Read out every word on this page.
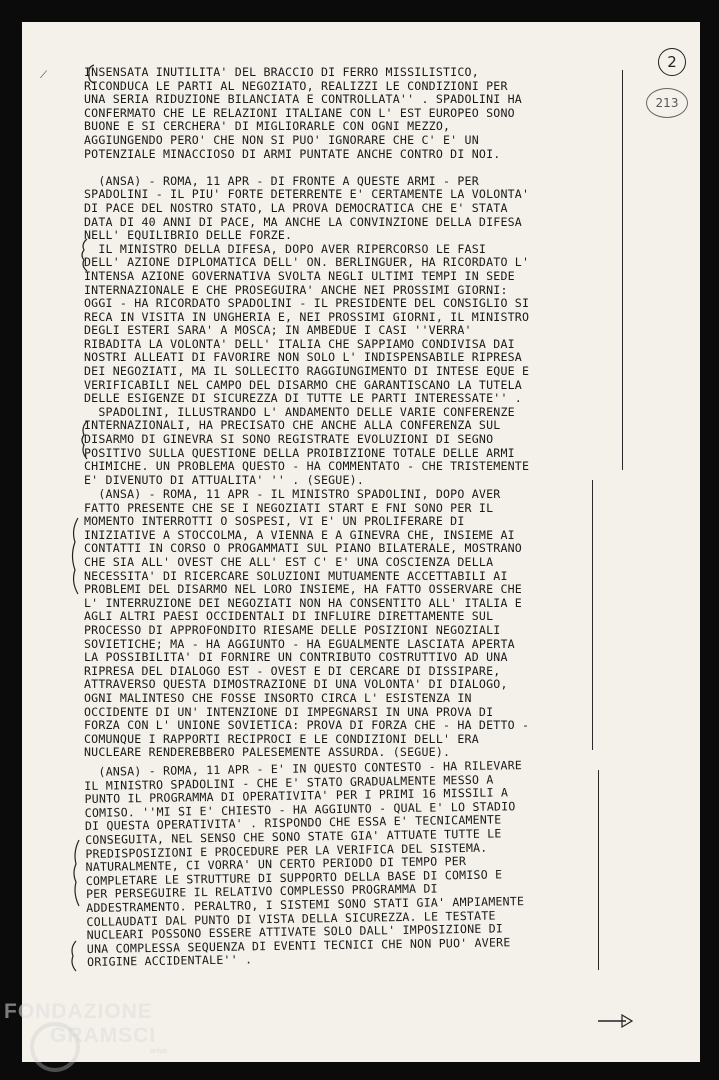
⟋
2
213
INSENSATA INUTILITA' DEL BRACCIO DI FERRO MISSILISTICO,
RICONDUCA LE PARTI AL NEGOZIATO, REALIZZI LE CONDIZIONI PER
UNA SERIA RIDUZIONE BILANCIATA E CONTROLLATA'' . SPADOLINI HA
CONFERMATO CHE LE RELAZIONI ITALIANE CON L' EST EUROPEO SONO
BUONE E SI CERCHERA' DI MIGLIORARLE CON OGNI MEZZO,
AGGIUNGENDO PERO' CHE NON SI PUO' IGNORARE CHE C' E' UN
POTENZIALE MINACCIOSO DI ARMI PUNTATE ANCHE CONTRO DI NOI.

(ANSA) - ROMA, 11 APR - DI FRONTE A QUESTE ARMI - PER
SPADOLINI - IL PIU' FORTE DETERRENTE E' CERTAMENTE LA VOLONTA'
DI PACE DEL NOSTRO STATO, LA PROVA DEMOCRATICA CHE E' STATA
DATA DI 40 ANNI DI PACE, MA ANCHE LA CONVINZIONE DELLA DIFESA
NELL' EQUILIBRIO DELLE FORZE.
IL MINISTRO DELLA DIFESA, DOPO AVER RIPERCORSO LE FASI
DELL' AZIONE DIPLOMATICA DELL' ON. BERLINGUER, HA RICORDATO L'
INTENSA AZIONE GOVERNATIVA SVOLTA NEGLI ULTIMI TEMPI IN SEDE
INTERNAZIONALE E CHE PROSEGUIRA' ANCHE NEI PROSSIMI GIORNI:
OGGI - HA RICORDATO SPADOLINI - IL PRESIDENTE DEL CONSIGLIO SI
RECA IN VISITA IN UNGHERIA E, NEI PROSSIMI GIORNI, IL MINISTRO
DEGLI ESTERI SARA' A MOSCA; IN AMBEDUE I CASI ''VERRA'
RIBADITA LA VOLONTA' DELL' ITALIA CHE SAPPIAMO CONDIVISA DAI
NOSTRI ALLEATI DI FAVORIRE NON SOLO L' INDISPENSABILE RIPRESA
DEI NEGOZIATI, MA IL SOLLECITO RAGGIUNGIMENTO DI INTESE EQUE E
VERIFICABILI NEL CAMPO DEL DISARMO CHE GARANTISCANO LA TUTELA
DELLE ESIGENZE DI SICUREZZA DI TUTTE LE PARTI INTERESSATE'' .
SPADOLINI, ILLUSTRANDO L' ANDAMENTO DELLE VARIE CONFERENZE
INTERNAZIONALI, HA PRECISATO CHE ANCHE ALLA CONFERENZA SUL
DISARMO DI GINEVRA SI SONO REGISTRATE EVOLUZIONI DI SEGNO
POSITIVO SULLA QUESTIONE DELLA PROIBIZIONE TOTALE DELLE ARMI
CHIMICHE. UN PROBLEMA QUESTO - HA COMMENTATO - CHE TRISTEMENTE
E' DIVENUTO DI ATTUALITA' '' . (SEGUE).
(ANSA) - ROMA, 11 APR - IL MINISTRO SPADOLINI, DOPO AVER
FATTO PRESENTE CHE SE I NEGOZIATI START E FNI SONO PER IL
MOMENTO INTERROTTI O SOSPESI, VI E' UN PROLIFERARE DI
INIZIATIVE A STOCCOLMA, A VIENNA E A GINEVRA CHE, INSIEME AI
CONTATTI IN CORSO O PROGAMMATI SUL PIANO BILATERALE, MOSTRANO
CHE SIA ALL' OVEST CHE ALL' EST C' E' UNA COSCIENZA DELLA
NECESSITA' DI RICERCARE SOLUZIONI MUTUAMENTE ACCETTABILI AI
PROBLEMI DEL DISARMO NEL LORO INSIEME, HA FATTO OSSERVARE CHE
L' INTERRUZIONE DEI NEGOZIATI NON HA CONSENTITO ALL' ITALIA E
AGLI ALTRI PAESI OCCIDENTALI DI INFLUIRE DIRETTAMENTE SUL
PROCESSO DI APPROFONDITO RIESAME DELLE POSIZIONI NEGOZIALI
SOVIETICHE; MA - HA AGGIUNTO - HA EGUALMENTE LASCIATA APERTA
LA POSSIBILITA' DI FORNIRE UN CONTRIBUTO COSTRUTTIVO AD UNA
RIPRESA DEL DIALOGO EST - OVEST E DI CERCARE DI DISSIPARE,
ATTRAVERSO QUESTA DIMOSTRAZIONE DI UNA VOLONTA' DI DIALOGO,
OGNI MALINTESO CHE FOSSE INSORTO CIRCA L' ESISTENZA IN
OCCIDENTE DI UN' INTENZIONE DI IMPEGNARSI IN UNA PROVA DI
FORZA CON L' UNIONE SOVIETICA: PROVA DI FORZA CHE - HA DETTO -
COMUNQUE I RAPPORTI RECIPROCI E LE CONDIZIONI DELL' ERA
NUCLEARE RENDEREBBERO PALESEMENTE ASSURDA. (SEGUE).
(ANSA) - ROMA, 11 APR - E' IN QUESTO CONTESTO - HA RILEVARE
IL MINISTRO SPADOLINI - CHE E' STATO GRADUALMENTE MESSO A
PUNTO IL PROGRAMMA DI OPERATIVITA' PER I PRIMI 16 MISSILI A
COMISO. ''MI SI E' CHIESTO - HA AGGIUNTO - QUAL E' LO STADIO
DI QUESTA OPERATIVITA' . RISPONDO CHE ESSA E' TECNICAMENTE
CONSEGUITA, NEL SENSO CHE SONO STATE GIA' ATTUATE TUTTE LE
PREDISPOSIZIONI E PROCEDURE PER LA VERIFICA DEL SISTEMA.
NATURALMENTE, CI VORRA' UN CERTO PERIODO DI TEMPO PER
COMPLETARE LE STRUTTURE DI SUPPORTO DELLA BASE DI COMISO E
PER PERSEGUIRE IL RELATIVO COMPLESSO PROGRAMMA DI
ADDESTRAMENTO. PERALTRO, I SISTEMI SONO STATI GIA' AMPIAMENTE
COLLAUDATI DAL PUNTO DI VISTA DELLA SICUREZZA. LE TESTATE
NUCLEARI POSSONO ESSERE ATTIVATE SOLO DALL' IMPOSIZIONE DI
UNA COMPLESSA SEQUENZA DI EVENTI TECNICI CHE NON PUO' AVERE
ORIGINE ACCIDENTALE'' .
FONDAZIONE
GRAMSCI
onlus
